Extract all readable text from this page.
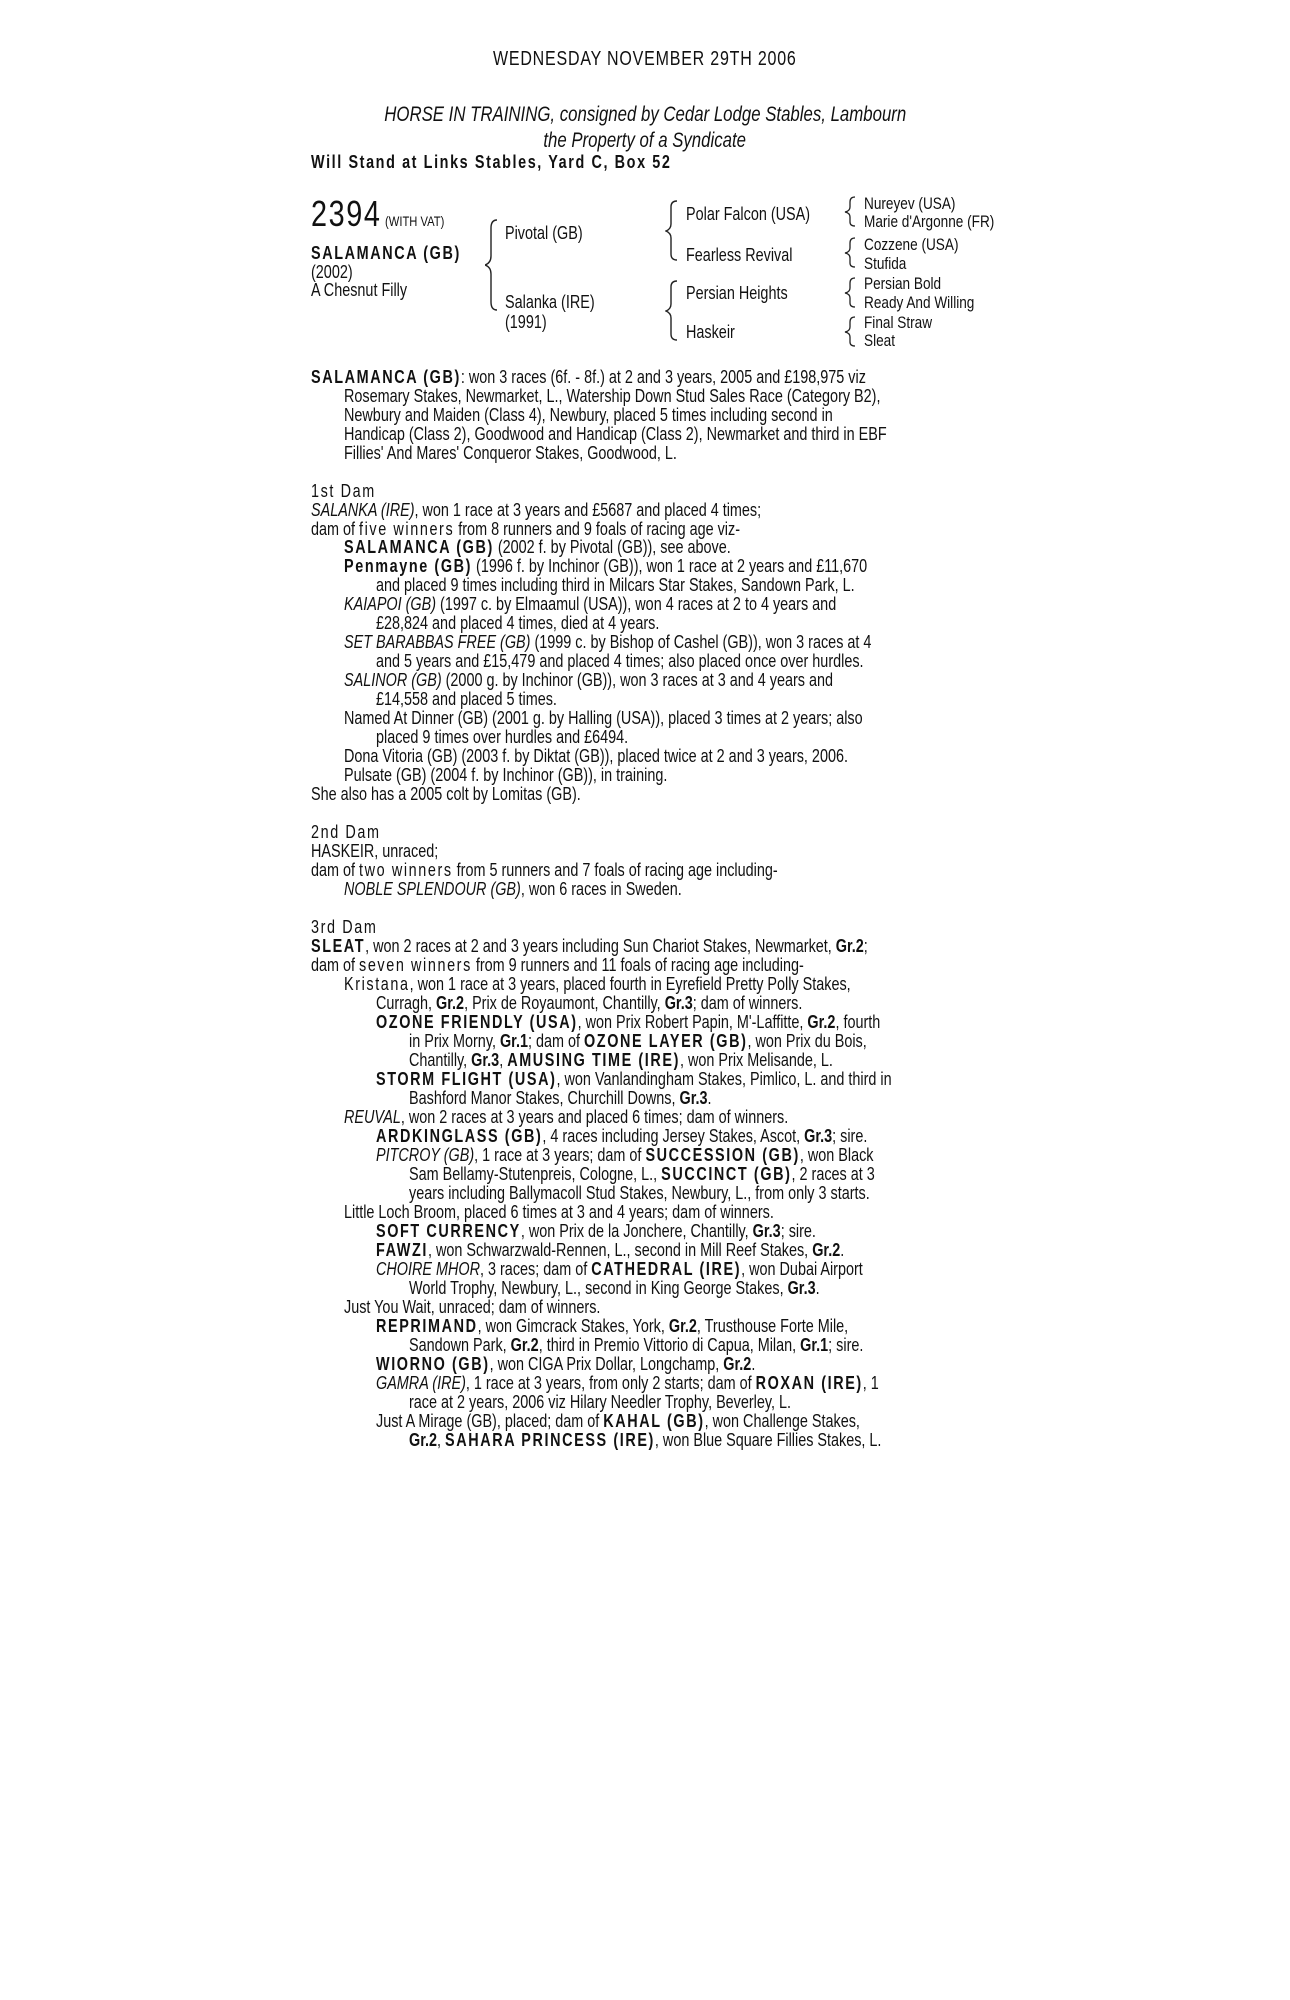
WEDNESDAY NOVEMBER 29TH 2006
HORSE IN TRAINING, consigned by Cedar Lodge Stables, Lambourn
the Property of a Syndicate
Will Stand at Links Stables, Yard C, Box 52
2394 (WITH VAT)
SALAMANCA (GB)
(2002)
A Chesnut Filly
Pivotal (GB)
Salanka (IRE)
(1991)
Polar Falcon (USA)
Fearless Revival
Persian Heights
Haskeir
Nureyev (USA)
Marie d'Argonne (FR)
Cozzene (USA)
Stufida
Persian Bold
Ready And Willing
Final Straw
Sleat
SALAMANCA (GB): won 3 races (6f. - 8f.) at 2 and 3 years, 2005 and £198,975 viz
Rosemary Stakes, Newmarket, L., Watership Down Stud Sales Race (Category B2),
Newbury and Maiden (Class 4), Newbury, placed 5 times including second in
Handicap (Class 2), Goodwood and Handicap (Class 2), Newmarket and third in EBF
Fillies' And Mares' Conqueror Stakes, Goodwood, L.
1st Dam
SALANKA (IRE), won 1 race at 3 years and £5687 and placed 4 times;
dam of five winners from 8 runners and 9 foals of racing age viz-
SALAMANCA (GB) (2002 f. by Pivotal (GB)), see above.
Penmayne (GB) (1996 f. by Inchinor (GB)), won 1 race at 2 years and £11,670
and placed 9 times including third in Milcars Star Stakes, Sandown Park, L.
KAIAPOI (GB) (1997 c. by Elmaamul (USA)), won 4 races at 2 to 4 years and
£28,824 and placed 4 times, died at 4 years.
SET BARABBAS FREE (GB) (1999 c. by Bishop of Cashel (GB)), won 3 races at 4
and 5 years and £15,479 and placed 4 times; also placed once over hurdles.
SALINOR (GB) (2000 g. by Inchinor (GB)), won 3 races at 3 and 4 years and
£14,558 and placed 5 times.
Named At Dinner (GB) (2001 g. by Halling (USA)), placed 3 times at 2 years; also
placed 9 times over hurdles and £6494.
Dona Vitoria (GB) (2003 f. by Diktat (GB)), placed twice at 2 and 3 years, 2006.
Pulsate (GB) (2004 f. by Inchinor (GB)), in training.
She also has a 2005 colt by Lomitas (GB).
2nd Dam
HASKEIR, unraced;
dam of two winners from 5 runners and 7 foals of racing age including-
NOBLE SPLENDOUR (GB), won 6 races in Sweden.
3rd Dam
SLEAT, won 2 races at 2 and 3 years including Sun Chariot Stakes, Newmarket, Gr.2;
dam of seven winners from 9 runners and 11 foals of racing age including-
Kristana, won 1 race at 3 years, placed fourth in Eyrefield Pretty Polly Stakes,
Curragh, Gr.2, Prix de Royaumont, Chantilly, Gr.3; dam of winners.
OZONE FRIENDLY (USA), won Prix Robert Papin, M'-Laffitte, Gr.2, fourth
in Prix Morny, Gr.1; dam of OZONE LAYER (GB), won Prix du Bois,
Chantilly, Gr.3, AMUSING TIME (IRE), won Prix Melisande, L.
STORM FLIGHT (USA), won Vanlandingham Stakes, Pimlico, L. and third in
Bashford Manor Stakes, Churchill Downs, Gr.3.
REUVAL, won 2 races at 3 years and placed 6 times; dam of winners.
ARDKINGLASS (GB), 4 races including Jersey Stakes, Ascot, Gr.3; sire.
PITCROY (GB), 1 race at 3 years; dam of SUCCESSION (GB), won Black
Sam Bellamy-Stutenpreis, Cologne, L., SUCCINCT (GB), 2 races at 3
years including Ballymacoll Stud Stakes, Newbury, L., from only 3 starts.
Little Loch Broom, placed 6 times at 3 and 4 years; dam of winners.
SOFT CURRENCY, won Prix de la Jonchere, Chantilly, Gr.3; sire.
FAWZI, won Schwarzwald-Rennen, L., second in Mill Reef Stakes, Gr.2.
CHOIRE MHOR, 3 races; dam of CATHEDRAL (IRE), won Dubai Airport
World Trophy, Newbury, L., second in King George Stakes, Gr.3.
Just You Wait, unraced; dam of winners.
REPRIMAND, won Gimcrack Stakes, York, Gr.2, Trusthouse Forte Mile,
Sandown Park, Gr.2, third in Premio Vittorio di Capua, Milan, Gr.1; sire.
WIORNO (GB), won CIGA Prix Dollar, Longchamp, Gr.2.
GAMRA (IRE), 1 race at 3 years, from only 2 starts; dam of ROXAN (IRE), 1
race at 2 years, 2006 viz Hilary Needler Trophy, Beverley, L.
Just A Mirage (GB), placed; dam of KAHAL (GB), won Challenge Stakes,
Gr.2, SAHARA PRINCESS (IRE), won Blue Square Fillies Stakes, L.
